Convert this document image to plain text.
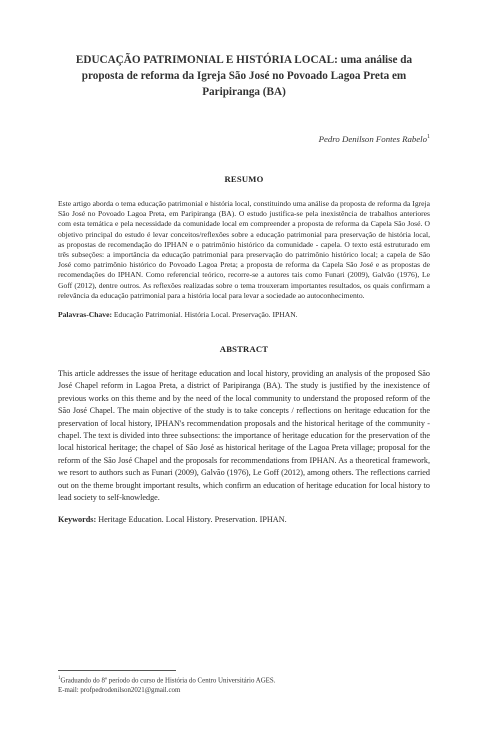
EDUCAÇÃO PATRIMONIAL E HISTÓRIA LOCAL: uma análise da proposta de reforma da Igreja São José no Povoado Lagoa Preta em Paripiranga (BA)
Pedro Denilson Fontes Rabelo$^1$
RESUMO
Este artigo aborda o tema educação patrimonial e história local, constituindo uma análise da proposta de reforma da Igreja São José no Povoado Lagoa Preta, em Paripiranga (BA). O estudo justifica-se pela inexistência de trabalhos anteriores com esta temática e pela necessidade da comunidade local em compreender a proposta de reforma da Capela São José. O objetivo principal do estudo é levar conceitos/reflexões sobre a educação patrimonial para preservação de história local, as propostas de recomendação do IPHAN e o patrimônio histórico da comunidade - capela. O texto está estruturado em três subseções: a importância da educação patrimonial para preservação do patrimônio histórico local; a capela de São José como patrimônio histórico do Povoado Lagoa Preta; a proposta de reforma da Capela São José e as propostas de recomendações do IPHAN. Como referencial teórico, recorre-se a autores tais como Funari (2009), Galvão (1976), Le Goff (2012), dentre outros. As reflexões realizadas sobre o tema trouxeram importantes resultados, os quais confirmam a relevância da educação patrimonial para a história local para levar a sociedade ao autoconhecimento.
Palavras-Chave: Educação Patrimonial. História Local. Preservação. IPHAN.
ABSTRACT
This article addresses the issue of heritage education and local history, providing an analysis of the proposed São José Chapel reform in Lagoa Preta, a district of Paripiranga (BA). The study is justified by the inexistence of previous works on this theme and by the need of the local community to understand the proposed reform of the São José Chapel. The main objective of the study is to take concepts / reflections on heritage education for the preservation of local history, IPHAN's recommendation proposals and the historical heritage of the community - chapel. The text is divided into three subsections: the importance of heritage education for the preservation of the local historical heritage; the chapel of São José as historical heritage of the Lagoa Preta village; proposal for the reform of the São José Chapel and the proposals for recommendations from IPHAN. As a theoretical framework, we resort to authors such as Funari (2009), Galvão (1976), Le Goff (2012), among others. The reflections carried out on the theme brought important results, which confirm an education of heritage education for local history to lead society to self-knowledge.
Keywords: Heritage Education. Local History. Preservation. IPHAN.
$^1$Graduando do 8º período do curso de História do Centro Universitário AGES.
E-mail: profpedrodenilson2021@gmail.com
